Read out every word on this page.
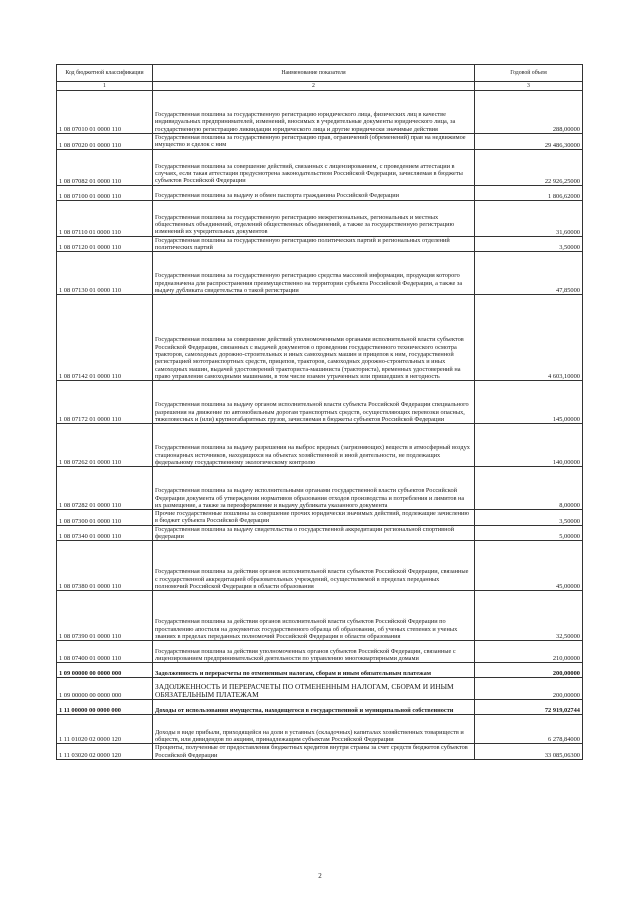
Код бюджетной классификации	Наименование показателя	Годовой объем
1	2	3
1 08 07010 01 0000 110	Государственная пошлина за государственную регистрацию юридического лица, физических лиц в качестве индивидуальных предпринимателей, изменений, вносимых в учредительные документы юридического лица, за государственную регистрацию ликвидации юридического лица и другие юридически значимые действия	288,00000
1 08 07020 01 0000 110	Государственная пошлина за государственную регистрацию прав, ограничений (обременений) прав на недвижимое имущество и сделок с ним	29 486,30000
1 08 07082 01 0000 110	Государственная пошлина за совершение действий, связанных с лицензированием, с проведением аттестации в случаях, если такая аттестация предусмотрена законодательством Российской Федерации, зачисляемая в бюджеты субъектов Российской Федерации	22 926,25000
1 08 07100 01 0000 110	Государственная пошлина за выдачу и обмен паспорта гражданина Российской Федерации	1 806,62000
1 08 07110 01 0000 110	Государственная пошлина за государственную регистрацию межрегиональных, региональных и местных общественных объединений, отделений общественных объединений, а также за государственную регистрацию изменений их учредительных документов	31,60000
1 08 07120 01 0000 110	Государственная пошлина за государственную регистрацию политических партий и региональных отделений политических партий	3,50000
1 08 07130 01 0000 110	Государственная пошлина за государственную регистрацию средства массовой информации, продукция которого предназначена для распространения преимущественно на территории субъекта Российской Федерации, а также за выдачу дубликата свидетельства о такой регистрации	47,85000
1 08 07142 01 0000 110	Государственная пошлина за совершение действий уполномоченными органами исполнительной власти субъектов Российской Федерации, связанных с выдачей документов о проведении государственного технического осмотра тракторов, самоходных дорожно-строительных и иных самоходных машин и прицепов к ним, государственной регистрацией мототранспортных средств, прицепов, тракторов, самоходных дорожно-строительных и иных самоходных машин, выдачей удостоверений тракториста-машиниста (тракториста), временных удостоверений на право управления самоходными машинами, в том числе взамен утраченных или пришедших в негодность	4 603,10000
1 08 07172 01 0000 110	Государственная пошлина за выдачу органом исполнительной власти субъекта Российской Федерации специального разрешения на движение по автомобильным дорогам транспортных средств, осуществляющих перевозки опасных, тяжеловесных и (или) крупногабаритных грузов, зачисляемая в бюджеты субъектов Российской Федерации	145,00000
1 08 07262 01 0000 110	Государственная пошлина за выдачу разрешения на выброс вредных (загрязняющих) веществ в атмосферный воздух стационарных источников, находящихся на объектах хозяйственной и иной деятельности, не подлежащих федеральному государственному экологическому контролю	140,00000
1 08 07282 01 0000 110	Государственная пошлина за выдачу исполнительными органами государственной власти субъектов Российской Федерации документа об утверждении нормативов образования отходов производства и потребления и лимитов на их размещение, а также за переоформление и выдачу дубликата указанного документа	8,00000
1 08 07300 01 0000 110	Прочие государственные пошлины за совершение прочих юридически значимых действий, подлежащие зачислению в бюджет субъекта Российской Федерации	3,50000
1 08 07340 01 0000 110	Государственная пошлина за выдачу свидетельства о государственной аккредитации региональной спортивной федерации	5,00000
1 08 07380 01 0000 110	Государственная пошлина за действия органов исполнительной власти субъектов Российской Федерации, связанные с государственной аккредитацией образовательных учреждений, осуществляемой в пределах переданных полномочий Российской Федерации в области образования	45,00000
1 08 07390 01 0000 110	Государственная пошлина за действия органов исполнительной власти субъектов Российской Федерации по проставлению апостиля на документах государственного образца об образовании, об ученых степенях и ученых званиях в пределах переданных полномочий Российской Федерации в области образования	32,50000
1 08 07400 01 0000 110	Государственная пошлина за действия уполномоченных органов субъектов Российской Федерации, связанные с лицензированием предпринимательской деятельности по управлению многоквартирными домами	210,00000
1 09 00000 00 0000 000	Задолженность и перерасчеты по отмененным налогам, сборам и иным обязательным платежам	200,00000
1 09 00000 00 0000 000	ЗАДОЛЖЕННОСТЬ И ПЕРЕРАСЧЕТЫ ПО ОТМЕНЕННЫМ НАЛОГАМ, СБОРАМ И ИНЫМ ОБЯЗАТЕЛЬНЫМ ПЛАТЕЖАМ	200,00000
1 11 00000 00 0000 000	Доходы от использования имущества, находящегося в государственной и муниципальной собственности	72 919,02744
1 11 01020 02 0000 120	Доходы в виде прибыли, приходящейся на доли в уставных (складочных) капиталах хозяйственных товариществ и обществ, или дивидендов по акциям, принадлежащим субъектам Российской Федерации	6 278,84000
1 11 03020 02 0000 120	Проценты, полученные от предоставления бюджетных кредитов внутри страны за счет средств бюджетов субъектов Российской Федерации	33 085,06300
2
